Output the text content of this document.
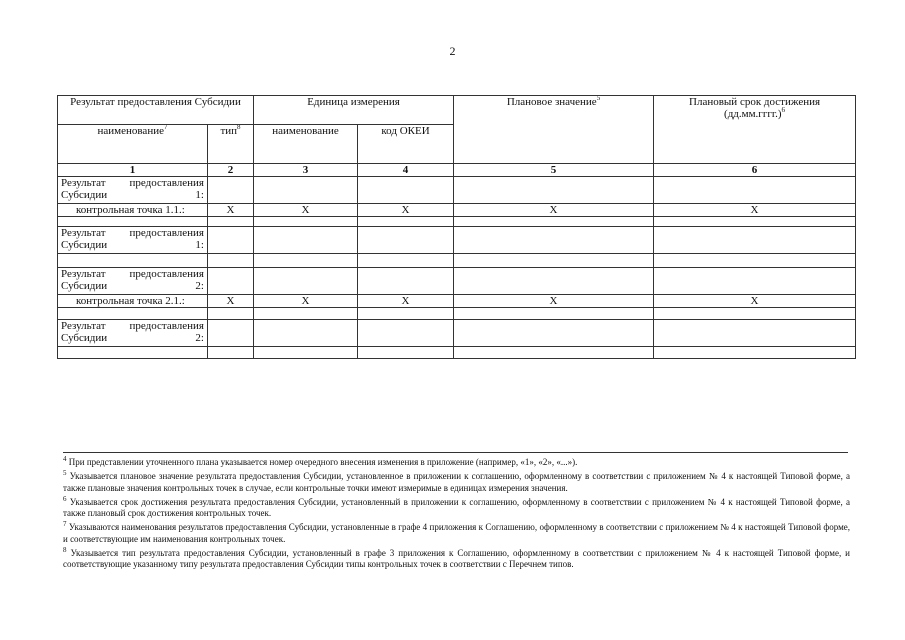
2
Результат предоставления Субсидии		Единица измерения		Плановое значение$^5$	Плановый срок достижения (дд.мм.гггг.)$^6$
наименование$^7$	тип$^8$	наименование	код ОКЕИ		
1	2	3	4	5	6
Результат предоставления Субсидии 1:					
контрольная точка 1.1.:	X	X	X	X	X

Результат предоставления Субсидии 1:					

Результат предоставления Субсидии 2:					
контрольная точка 2.1.:	X	X	X	X	X

Результат предоставления Субсидии 2:					

$^4$ При представлении уточненного плана указывается номер очередного внесения изменения в приложение (например, «1», «2», «...»).

$^5$ Указывается плановое значение результата предоставления Субсидии, установленное в приложении к соглашению, оформленному в соответствии с приложением № 4 к настоящей Типовой форме, а также плановые значения контрольных точек в случае, если контрольные точки имеют измеримые в единицах измерения значения.

$^6$ Указывается срок достижения результата предоставления Субсидии, установленный в приложении к соглашению, оформленному в соответствии с приложением № 4 к настоящей Типовой форме, а также плановый срок достижения контрольных точек.

$^7$ Указываются наименования результатов предоставления Субсидии, установленные в графе 4 приложения к Соглашению, оформленному в соответствии с приложением № 4 к настоящей Типовой форме, и соответствующие им наименования контрольных точек.

$^8$ Указывается тип результата предоставления Субсидии, установленный в графе 3 приложения к Соглашению, оформленному в соответствии с приложением № 4 к настоящей Типовой форме, и соответствующие указанному типу результата предоставления Субсидии типы контрольных точек в соответствии с Перечнем типов.
